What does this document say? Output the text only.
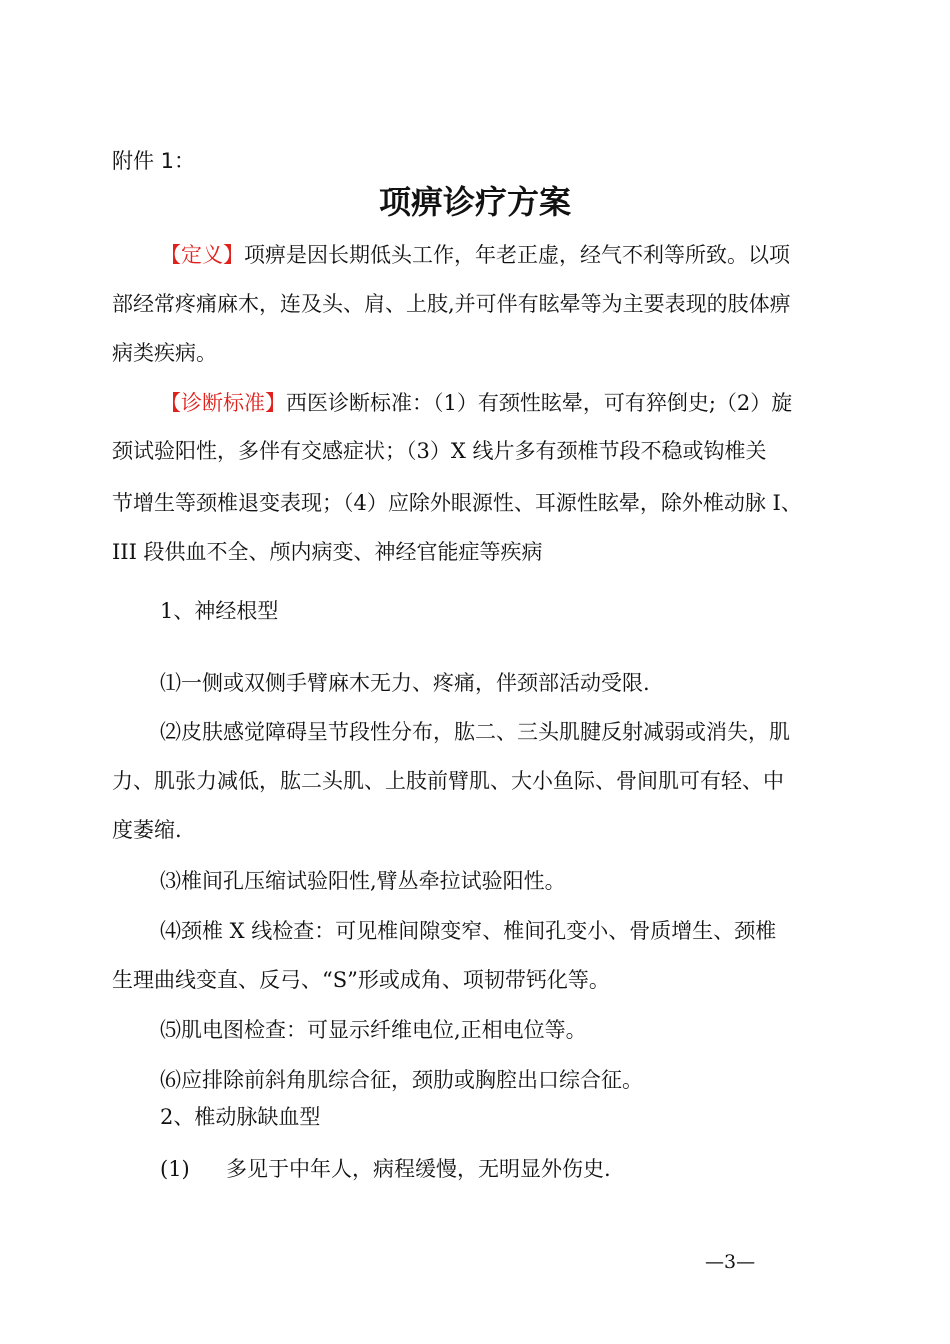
附件 1：

项痹诊疗方案

【定义】项痹是因长期低头工作，年老正虚，经气不利等所致。以项

部经常疼痛麻木，连及头、肩、上肢,并可伴有眩晕等为主要表现的肢体痹

病类疾病。

【诊断标准】西医诊断标准：（1）有颈性眩晕，可有猝倒史;（2）旋

颈试验阳性，多伴有交感症状；（3）X 线片多有颈椎节段不稳或钩椎关

节增生等颈椎退变表现；（4）应除外眼源性、耳源性眩晕，除外椎动脉 I、

III 段供血不全、颅内病变、神经官能症等疾病

1、神经根型

⑴一侧或双侧手臂麻木无力、疼痛，伴颈部活动受限.

⑵皮肤感觉障碍呈节段性分布，肱二、三头肌腱反射减弱或消失，肌

力、肌张力减低，肱二头肌、上肢前臂肌、大小鱼际、骨间肌可有轻、中

度萎缩.

⑶椎间孔压缩试验阳性,臂丛牵拉试验阳性。

⑷颈椎 X 线检查：可见椎间隙变窄、椎间孔变小、骨质增生、颈椎

生理曲线变直、反弓、“S”形或成角、项韧带钙化等。

⑸肌电图检查：可显示纤维电位,正相电位等。

⑹应排除前斜角肌综合征，颈肋或胸腔出口综合征。

2、椎动脉缺血型

(1) 多见于中年人，病程缓慢，无明显外伤史.

—3—
